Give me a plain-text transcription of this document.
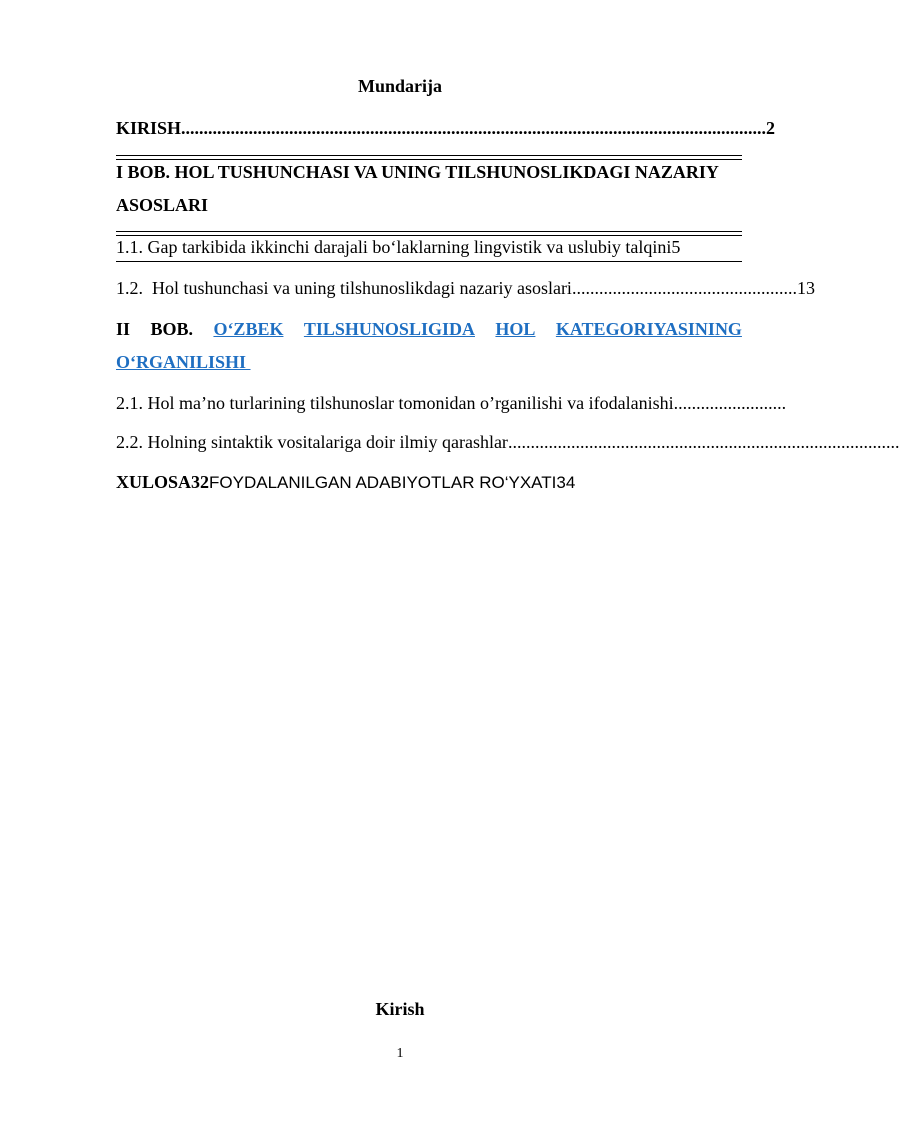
Mundarija
KIRISH .................................................................................................................................. 2
I BOB. HOL TUSHUNCHASI VA UNING TILSHUNOSLIKDAGI NAZARIY
ASOSLARI
1.1. Gap tarkibida ikkinchi darajali bo‘laklarning lingvistik va uslubiy talqini 5
1.2.  Hol tushunchasi va uning tilshunoslikdagi nazariy asoslari .................................................. 13
II BOB. O‘ZBEK TILSHUNOSLIGIDA HOL KATEGORIYASINING
O‘RGANILISHI
2.1. Hol ma’no turlarining tilshunoslar tomonidan o’rganilishi va ifodalanishi .........................
2.2. Holning sintaktik vositalariga doir ilmiy qarashlar .......................................................................................
XULOSA32FOYDALANILGAN ADABIYOTLAR RO‘YXATI34
Kirish
1
